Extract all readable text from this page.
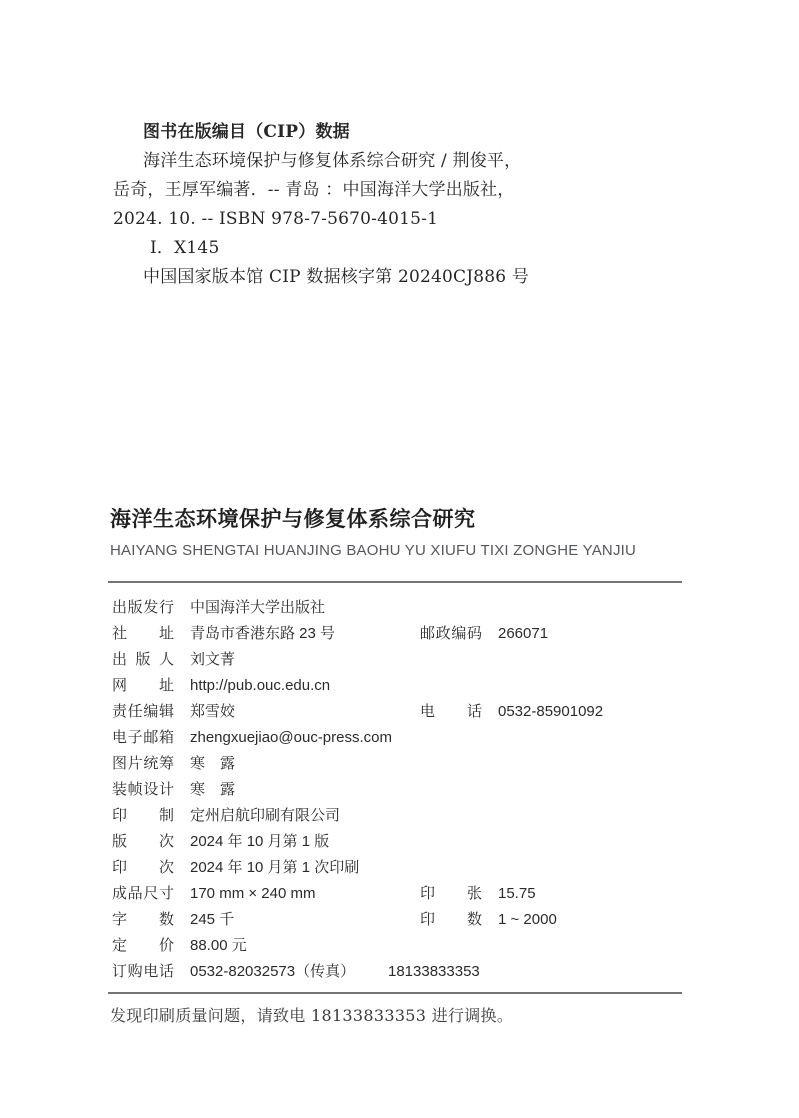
图书在版编目（CIP）数据
海洋生态环境保护与修复体系综合研究 / 荆俊平，
岳奇，王厚军编著．-- 青岛 ：中国海洋大学出版社，
2024. 10. -- ISBN 978-7-5670-4015-1
Ⅰ．X145
中国国家版本馆 CIP 数据核字第 20240CJ886 号
海洋生态环境保护与修复体系综合研究

HAIYANG SHENGTAI HUANJING BAOHU YU XIUFU TIXI ZONGHE YANJIU

出版发行 中国海洋大学出版社
社址 青岛市香港东路 23 号	邮政编码 266071
出版人 刘文菁
网址 http://pub.ouc.edu.cn
责任编辑 郑雪姣	电话 0532-85901092
电子邮箱 zhengxuejiao@ouc-press.com
图片统筹 寒　露
装帧设计 寒　露
印制 定州启航印刷有限公司
版次 2024 年 10 月第 1 版
印次 2024 年 10 月第 1 次印刷
成品尺寸 170 mm × 240 mm	印张 15.75
字数 245 千	印数 1 ~ 2000
定价 88.00 元
订购电话 0532-82032573（传真）	18133833353
发现印刷质量问题，请致电 18133833353 进行调换。
